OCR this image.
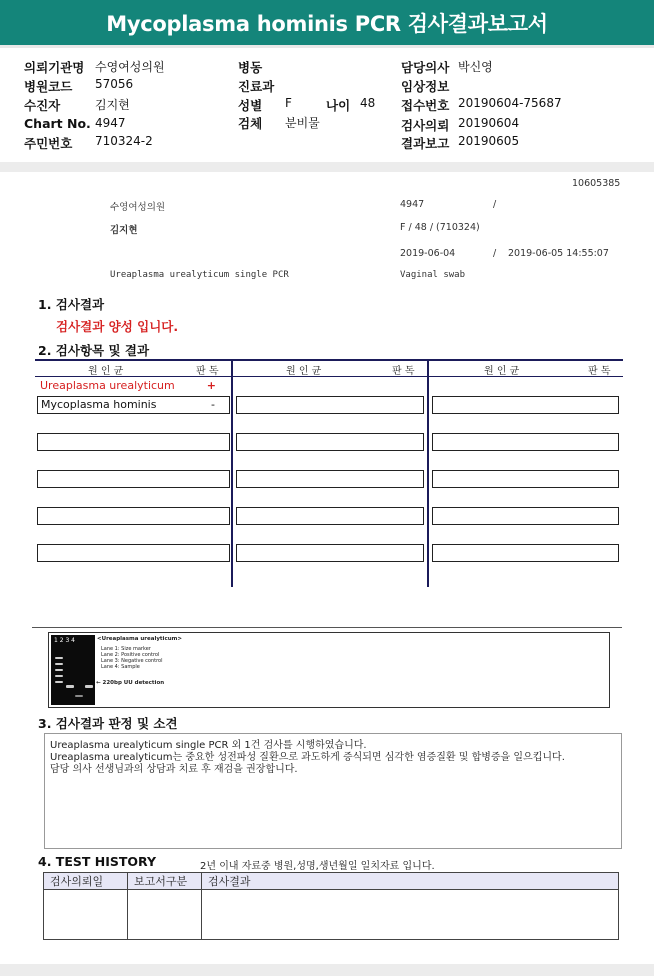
Mycoplasma hominis PCR 검사결과보고서
의뢰기관명 수영여성의원
병원코드 57056
수진자	김지현
Chart No. 4947
주민번호 710324-2
병동
진료과
성별 F	나이 48
검체 분비물
담당의사 박신영
임상정보
접수번호 20190604-75687
검사의뢰 20190604
결과보고 20190605
10605385
수영여성의원	4947	/
김지현	F / 48 / (710324)
2019-06-04	/ 2019-06-05 14:55:07
Ureaplasma urealyticum single PCR	Vaginal swab
1. 검사결과
검사결과 양성 입니다.
2. 검사항목 및 결과
원 인 균	판 독	원 인 균	판 독	원 인 균	판 독
Ureaplasma urealyticum	+
Mycoplasma hominis	-
1 2 3 4	<Ureaplasma urealyticum>
Lane 1: Size marker
Lane 2: Positive control
Lane 3: Negative control
Lane 4: Sample
← 220bp UU detection
3. 검사결과 판정 및 소견

Ureaplasma urealyticum single PCR 외 1건 검사를 시행하였습니다.

Ureaplasma urealyticum는 중요한 성전파성 질환으로 과도하게 증식되면 심각한 염증질환 및 합병증을 일으킵니다.

담당 의사 선생님과의 상담과 치료 후 재검을 권장합니다.

4. TEST HISTORY	2년 이내 자료중 병원,성명,생년월일 일치자료 입니다.
검사의뢰일	보고서구분	검사결과
